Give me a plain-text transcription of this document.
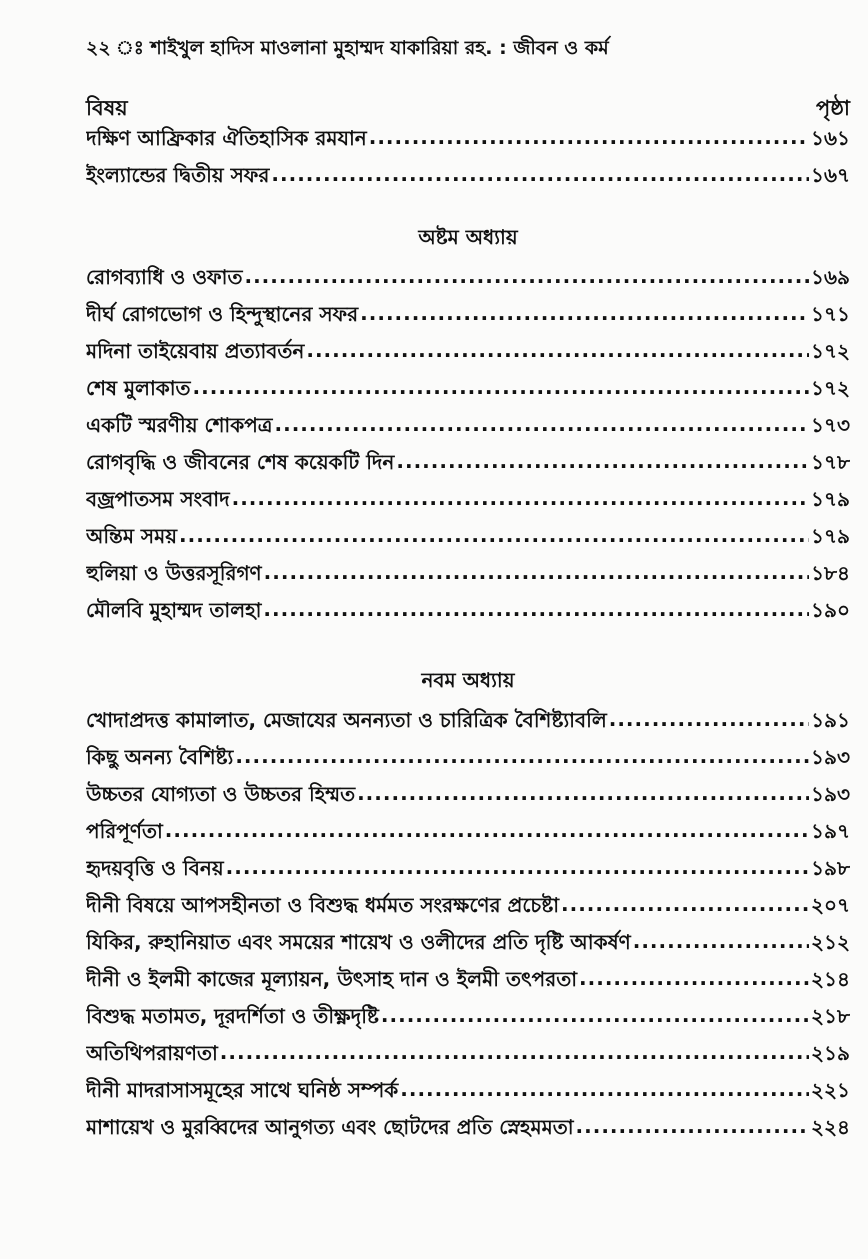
২২ ঃ শাইখুল হাদিস মাওলানা মুহাম্মদ যাকারিয়া রহ. : জীবন ও কর্ম
বিষয়	পৃষ্ঠা
দক্ষিণ আফ্রিকার ঐতিহাসিক রমযান .....	১৬১
ইংল্যান্ডের দ্বিতীয় সফর .....	১৬৭
অষ্টম অধ্যায়
রোগব্যাধি ও ওফাত .....	১৬৯
দীর্ঘ রোগভোগ ও হিন্দুস্থানের সফর .....	১৭১
মদিনা তাইয়েবায় প্রত্যাবর্তন .....	১৭২
শেষ মুলাকাত .....	১৭২
একটি স্মরণীয় শোকপত্র .....	১৭৩
রোগবৃদ্ধি ও জীবনের শেষ কয়েকটি দিন .....	১৭৮
বজ্রপাতসম সংবাদ .....	১৭৯
অন্তিম সময় .....	১৭৯
হুলিয়া ও উত্তরসূরিগণ .....	১৮৪
মৌলবি মুহাম্মদ তালহা .....	১৯০
নবম অধ্যায়
খোদাপ্রদত্ত কামালাত, মেজাযের অনন্যতা ও চারিত্রিক বৈশিষ্ট্যাবলি .....	১৯১
কিছু অনন্য বৈশিষ্ট্য .....	১৯৩
উচ্চতর যোগ্যতা ও উচ্চতর হিম্মত .....	১৯৩
পরিপূর্ণতা .....	১৯৭
হৃদয়বৃত্তি ও বিনয় .....	১৯৮
দীনী বিষয়ে আপসহীনতা ও বিশুদ্ধ ধর্মমত সংরক্ষণের প্রচেষ্টা .....	২০৭
যিকির, রুহানিয়াত এবং সময়ের শায়েখ ও ওলীদের প্রতি দৃষ্টি আকর্ষণ .....	২১২
দীনী ও ইলমী কাজের মূল্যায়ন, উৎসাহ দান ও ইলমী তৎপরতা .....	২১৪
বিশুদ্ধ মতামত, দূরদর্শিতা ও তীক্ষ্ণদৃষ্টি .....	২১৮
অতিথিপরায়ণতা .....	২১৯
দীনী মাদরাসাসমূহের সাথে ঘনিষ্ঠ সম্পর্ক .....	২২১
মাশায়েখ ও মুরব্বিদের আনুগত্য এবং ছোটদের প্রতি স্নেহমমতা .....	২২৪
